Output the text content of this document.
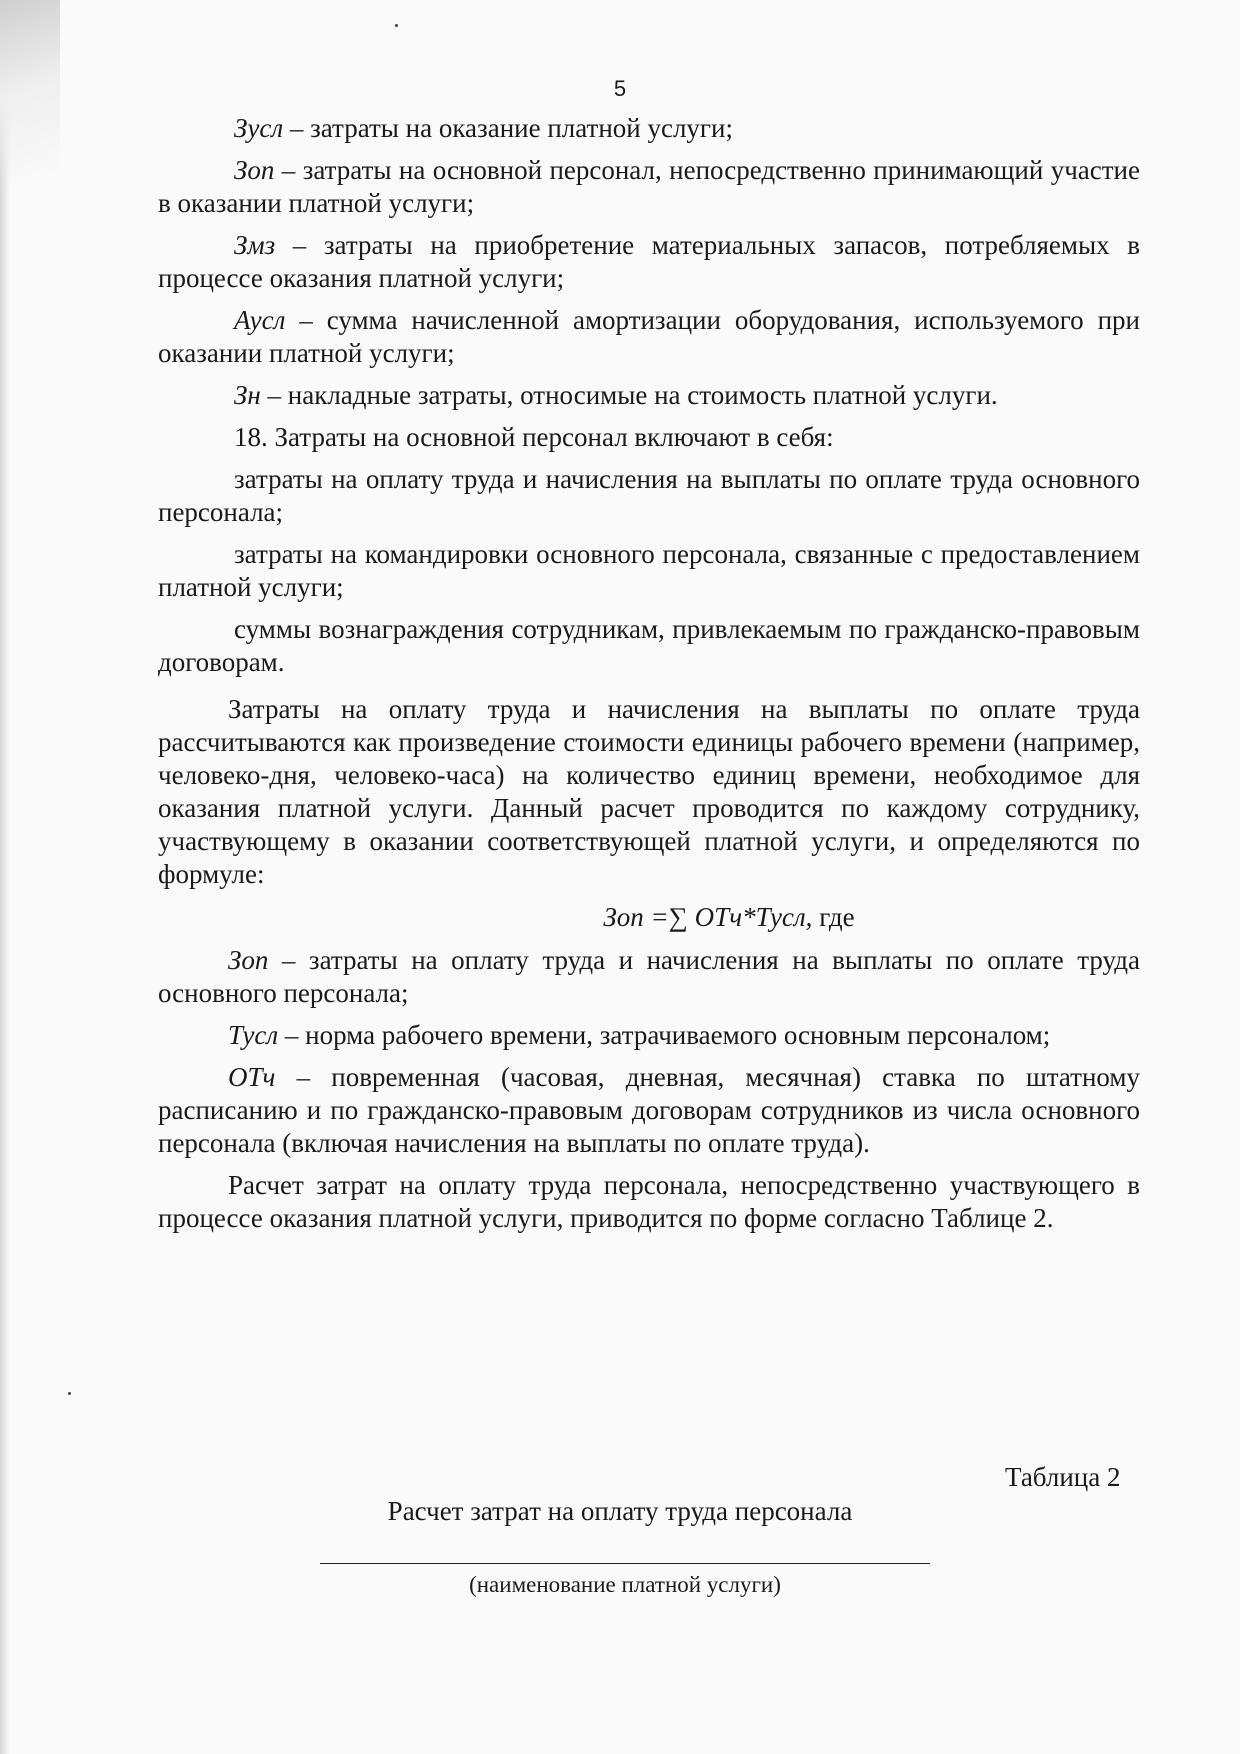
5

Зусл – затраты на оказание платной услуги;

Зоп – затраты на основной персонал, непосредственно принимающий участие в оказании платной услуги;

Змз – затраты на приобретение материальных запасов, потребляемых в процессе оказания платной услуги;

Аусл – сумма начисленной амортизации оборудования, используемого при оказании платной услуги;

Зн – накладные затраты, относимые на стоимость платной услуги.

18. Затраты на основной персонал включают в себя:

затраты на оплату труда и начисления на выплаты по оплате труда основного персонала;

затраты на командировки основного персонала, связанные с предоставлением платной услуги;

суммы вознаграждения сотрудникам, привлекаемым по гражданско-правовым договорам.

Затраты на оплату труда и начисления на выплаты по оплате труда рассчитываются как произведение стоимости единицы рабочего времени (например, человеко-дня, человеко-часа) на количество единиц времени, необходимое для оказания платной услуги. Данный расчет проводится по каждому сотруднику, участвующему в оказании соответствующей платной услуги, и определяются по формуле:

Зоп =∑ ОТч*Тусл, где

Зоп – затраты на оплату труда и начисления на выплаты по оплате труда основного персонала;

Тусл – норма рабочего времени, затрачиваемого основным персоналом;

ОТч – повременная (часовая, дневная, месячная) ставка по штатному расписанию и по гражданско-правовым договорам сотрудников из числа основного персонала (включая начисления на выплаты по оплате труда).

Расчет затрат на оплату труда персонала, непосредственно участвующего в процессе оказания платной услуги, приводится по форме согласно Таблице 2.

Таблица 2
Расчет затрат на оплату труда персонала
(наименование платной услуги)
